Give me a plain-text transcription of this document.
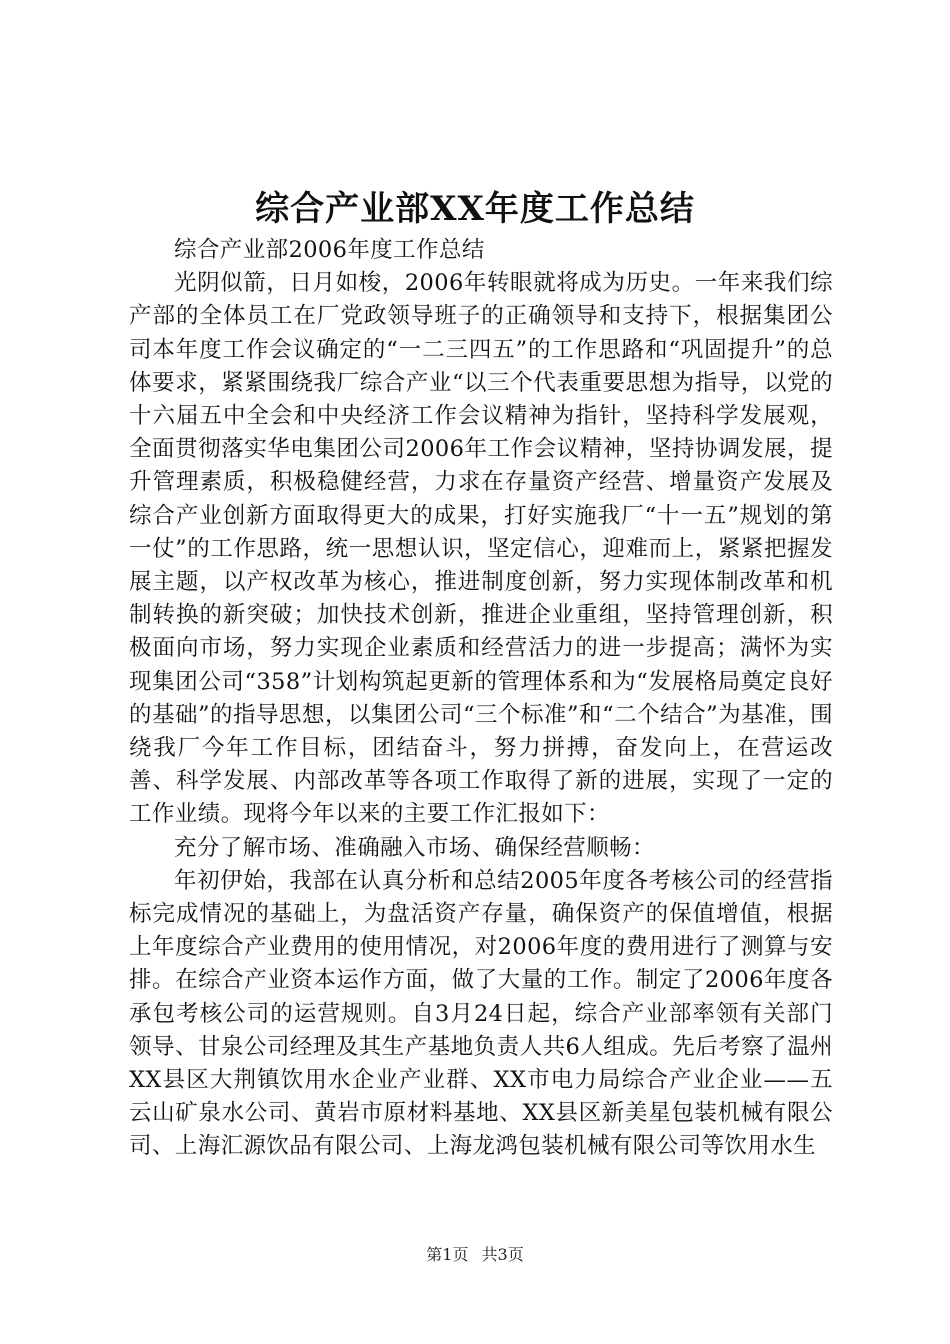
综合产业部XX年度工作总结

综合产业部2006年度工作总结

光阴似箭，日月如梭，2006年转眼就将成为历史。一年来我们综产部的全体员工在厂党政领导班子的正确领导和支持下，根据集团公司本年度工作会议确定的“一二三四五”的工作思路和“巩固提升”的总体要求，紧紧围绕我厂综合产业“以三个代表重要思想为指导，以党的十六届五中全会和中央经济工作会议精神为指针，坚持科学发展观，全面贯彻落实华电集团公司2006年工作会议精神，坚持协调发展，提升管理素质，积极稳健经营，力求在存量资产经营、增量资产发展及综合产业创新方面取得更大的成果，打好实施我厂“十一五”规划的第一仗”的工作思路，统一思想认识，坚定信心，迎难而上，紧紧把握发展主题，以产权改革为核心，推进制度创新，努力实现体制改革和机制转换的新突破；加快技术创新，推进企业重组，坚持管理创新，积极面向市场，努力实现企业素质和经营活力的进一步提高；满怀为实现集团公司“358”计划构筑起更新的管理体系和为“发展格局奠定良好的基础”的指导思想，以集团公司“三个标准”和“二个结合”为基准，围绕我厂今年工作目标，团结奋斗，努力拼搏，奋发向上，在营运改善、科学发展、内部改革等各项工作取得了新的进展，实现了一定的工作业绩。现将今年以来的主要工作汇报如下：

充分了解市场、准确融入市场、确保经营顺畅：

年初伊始，我部在认真分析和总结2005年度各考核公司的经营指标完成情况的基础上，为盘活资产存量，确保资产的保值增值，根据上年度综合产业费用的使用情况，对2006年度的费用进行了测算与安排。在综合产业资本运作方面，做了大量的工作。制定了2006年度各承包考核公司的运营规则。自3月24日起，综合产业部率领有关部门领导、甘泉公司经理及其生产基地负责人共6人组成。先后考察了温州XX县区大荆镇饮用水企业产业群、XX市电力局综合产业企业——五云山矿泉水公司、黄岩市原材料基地、XX县区新美星包装机械有限公司、上海汇源饮品有限公司、上海龙鸿包装机械有限公司等饮用水生

第1页 共3页
